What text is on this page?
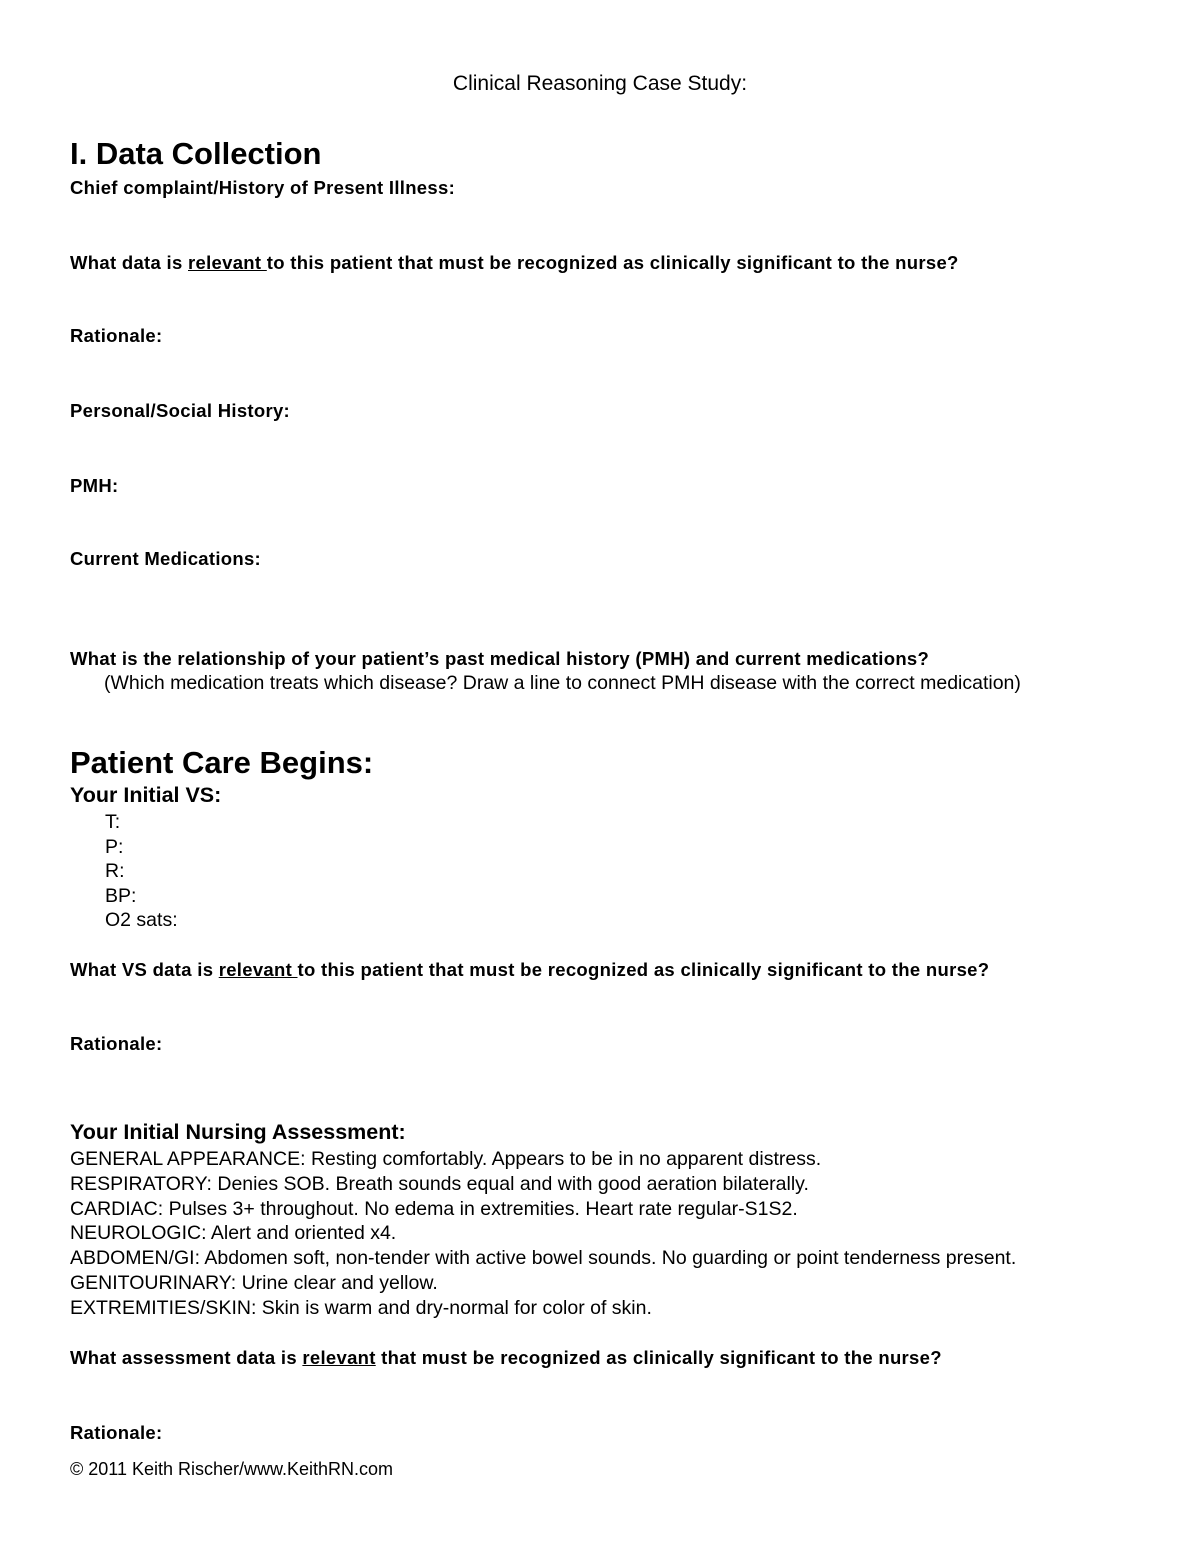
Clinical Reasoning Case Study:
I. Data Collection
Chief complaint/History of Present Illness:
What data is relevant to this patient that must be recognized as clinically significant to the nurse?
Rationale:
Personal/Social History:
PMH:
Current Medications:
What is the relationship of your patient’s past medical history (PMH) and current medications?
(Which medication treats which disease? Draw a line to connect PMH disease with the correct medication)
Patient Care Begins:
Your Initial VS:
T:
P:
R:
BP:
O2 sats:
What VS data is relevant to this patient that must be recognized as clinically significant to the nurse?
Rationale:
Your Initial Nursing Assessment:
GENERAL APPEARANCE: Resting comfortably. Appears to be in no apparent distress.
RESPIRATORY: Denies SOB. Breath sounds equal and with good aeration bilaterally.
CARDIAC: Pulses 3+ throughout. No edema in extremities. Heart rate regular-S1S2.
NEUROLOGIC: Alert and oriented x4.
ABDOMEN/GI: Abdomen soft, non-tender with active bowel sounds. No guarding or point tenderness present.
GENITOURINARY: Urine clear and yellow.
EXTREMITIES/SKIN: Skin is warm and dry-normal for color of skin.
What assessment data is relevant that must be recognized as clinically significant to the nurse?
Rationale:
© 2011 Keith Rischer/www.KeithRN.com
